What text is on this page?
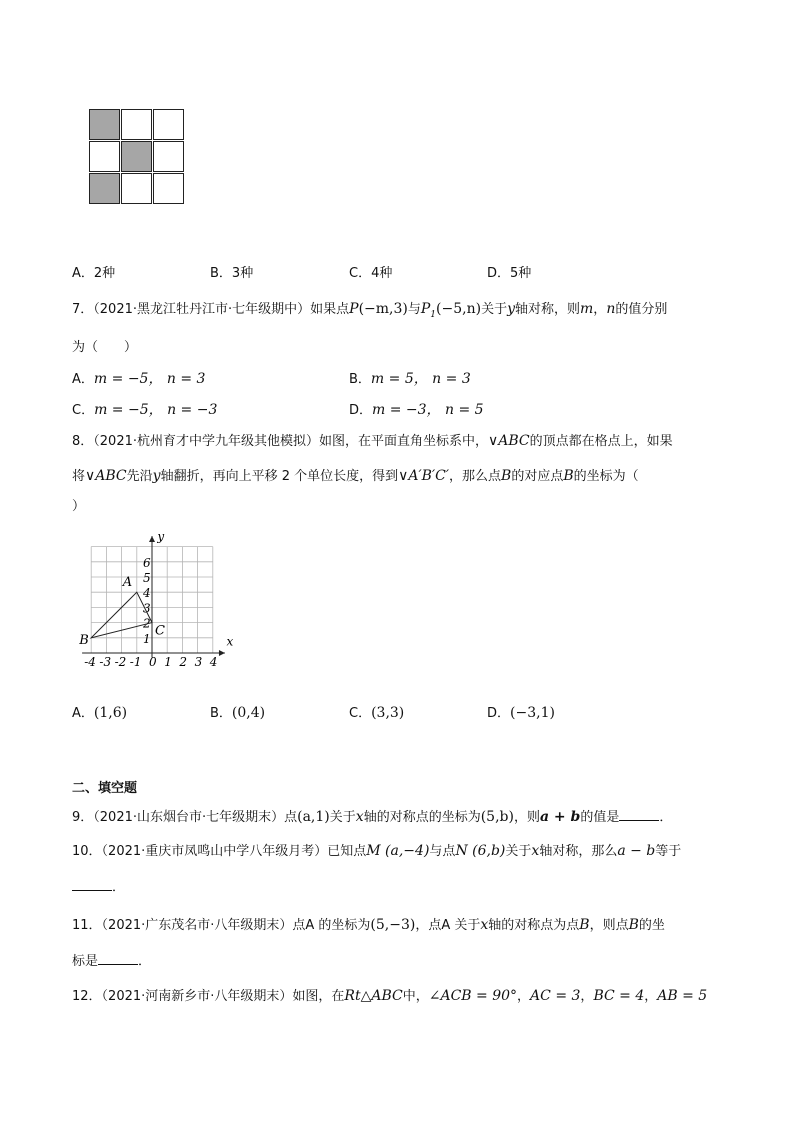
A．2种	B．3种	C．4种	D．5种
7．（2021·黑龙江牡丹江市·七年级期中）如果点P(−m,3)与$P_1(-5,n)$关于y轴对称，则m，n的值分别
为（　　）
A．m = −5， n = 3	B．m = 5， n = 3
C．m = −5， n = −3	D．m = −3， n = 5
8．（2021·杭州育才中学九年级其他模拟）如图，在平面直角坐标系中，∨ABC的顶点都在格点上，如果
将∨ABC先沿y轴翻折，再向上平移 2 个单位长度，得到∨A′B′C′，那么点B的对应点B的坐标为（
）
x
y
-4 -3 -2 -1 0 1 2 3 4
1
2
3
4
5
6
A
B
C
A．(1,6)	B．(0,4)	C．(3,3)	D．(−3,1)
二、填空题
9．（2021·山东烟台市·七年级期末）点(a,1)关于x轴的对称点的坐标为(5,b)，则a + b的值是	．
10．（2021·重庆市凤鸣山中学八年级月考）已知点M (a,−4)与点N (6,b)关于x轴对称，那么a − b等于
．
11．（2021·广东茂名市·八年级期末）点A 的坐标为(5,−3)，点A 关于x轴的对称点为点B，则点B的坐
标是	．
12．（2021·河南新乡市·八年级期末）如图，在Rt△ABC中，∠ACB = 90°，AC = 3，BC = 4，AB = 5
